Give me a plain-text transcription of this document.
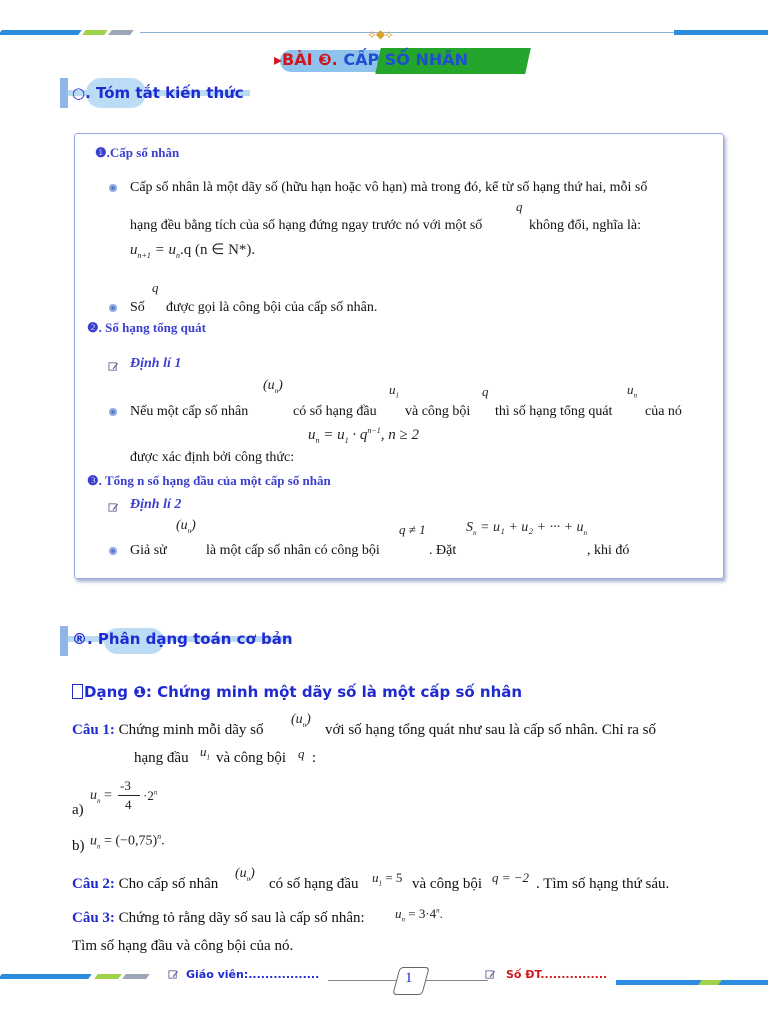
⟡◆⟡
▸BÀI ❸. CẤP SỐ NHÂN
○. Tóm tắt kiến thức
❶.Cấp số nhân
Cấp số nhân là một dãy số (hữu hạn hoặc vô hạn) mà trong đó, kể từ số hạng thứ hai, mỗi số
q
hạng đều bằng tích của số hạng đứng ngay trước nó với một số	không đổi, nghĩa là:
$u_{n+1} = u_n.q$ (n ∈ N*).
q
Số được gọi là công bội của cấp số nhân.
❷. Số hạng tổng quát
Định lí 1
$(u_n)$	$u_1$	q	$u_n$
Nếu một cấp số nhân	có số hạng đầu và công bội thì số hạng tổng quát của nó
$u_n = u_1 \cdot q^{n-1}$, n ≥ 2
được xác định bởi công thức:
❸. Tổng n số hạng đầu của một cấp số nhân
Định lí 2
$(u_n)$	q ≠ 1	$S_n = u_1 + u_2$ + ··· + $u_n$
Giả sử	là một cấp số nhân có công bội	. Đặt	, khi đó
®. Phân dạng toán cơ bản
Dạng ❶: Chứng minh một dãy số là một cấp số nhân
Câu 1: Chứng minh mỗi dãy số
$(u_n)$
với số hạng tổng quát như sau là cấp số nhân. Chỉ ra số
hạng đầu $u_1$ và công bội q :
a)
$u_n$ =
-3
4
$\cdot 2^n$
b) $u_n = (-0,75)^n$.
Câu 2: Cho cấp số nhân
$(u_n)$
có số hạng đầu $u_1 = 5$ và công bội q = −2 . Tìm số hạng thứ sáu.
Câu 3: Chứng tỏ rằng dãy số sau là cấp số nhân: $u_n = 3\cdot 4^n$.
Tìm số hạng đầu và công bội của nó.
Giáo viên:.................	1	Số ĐT................
